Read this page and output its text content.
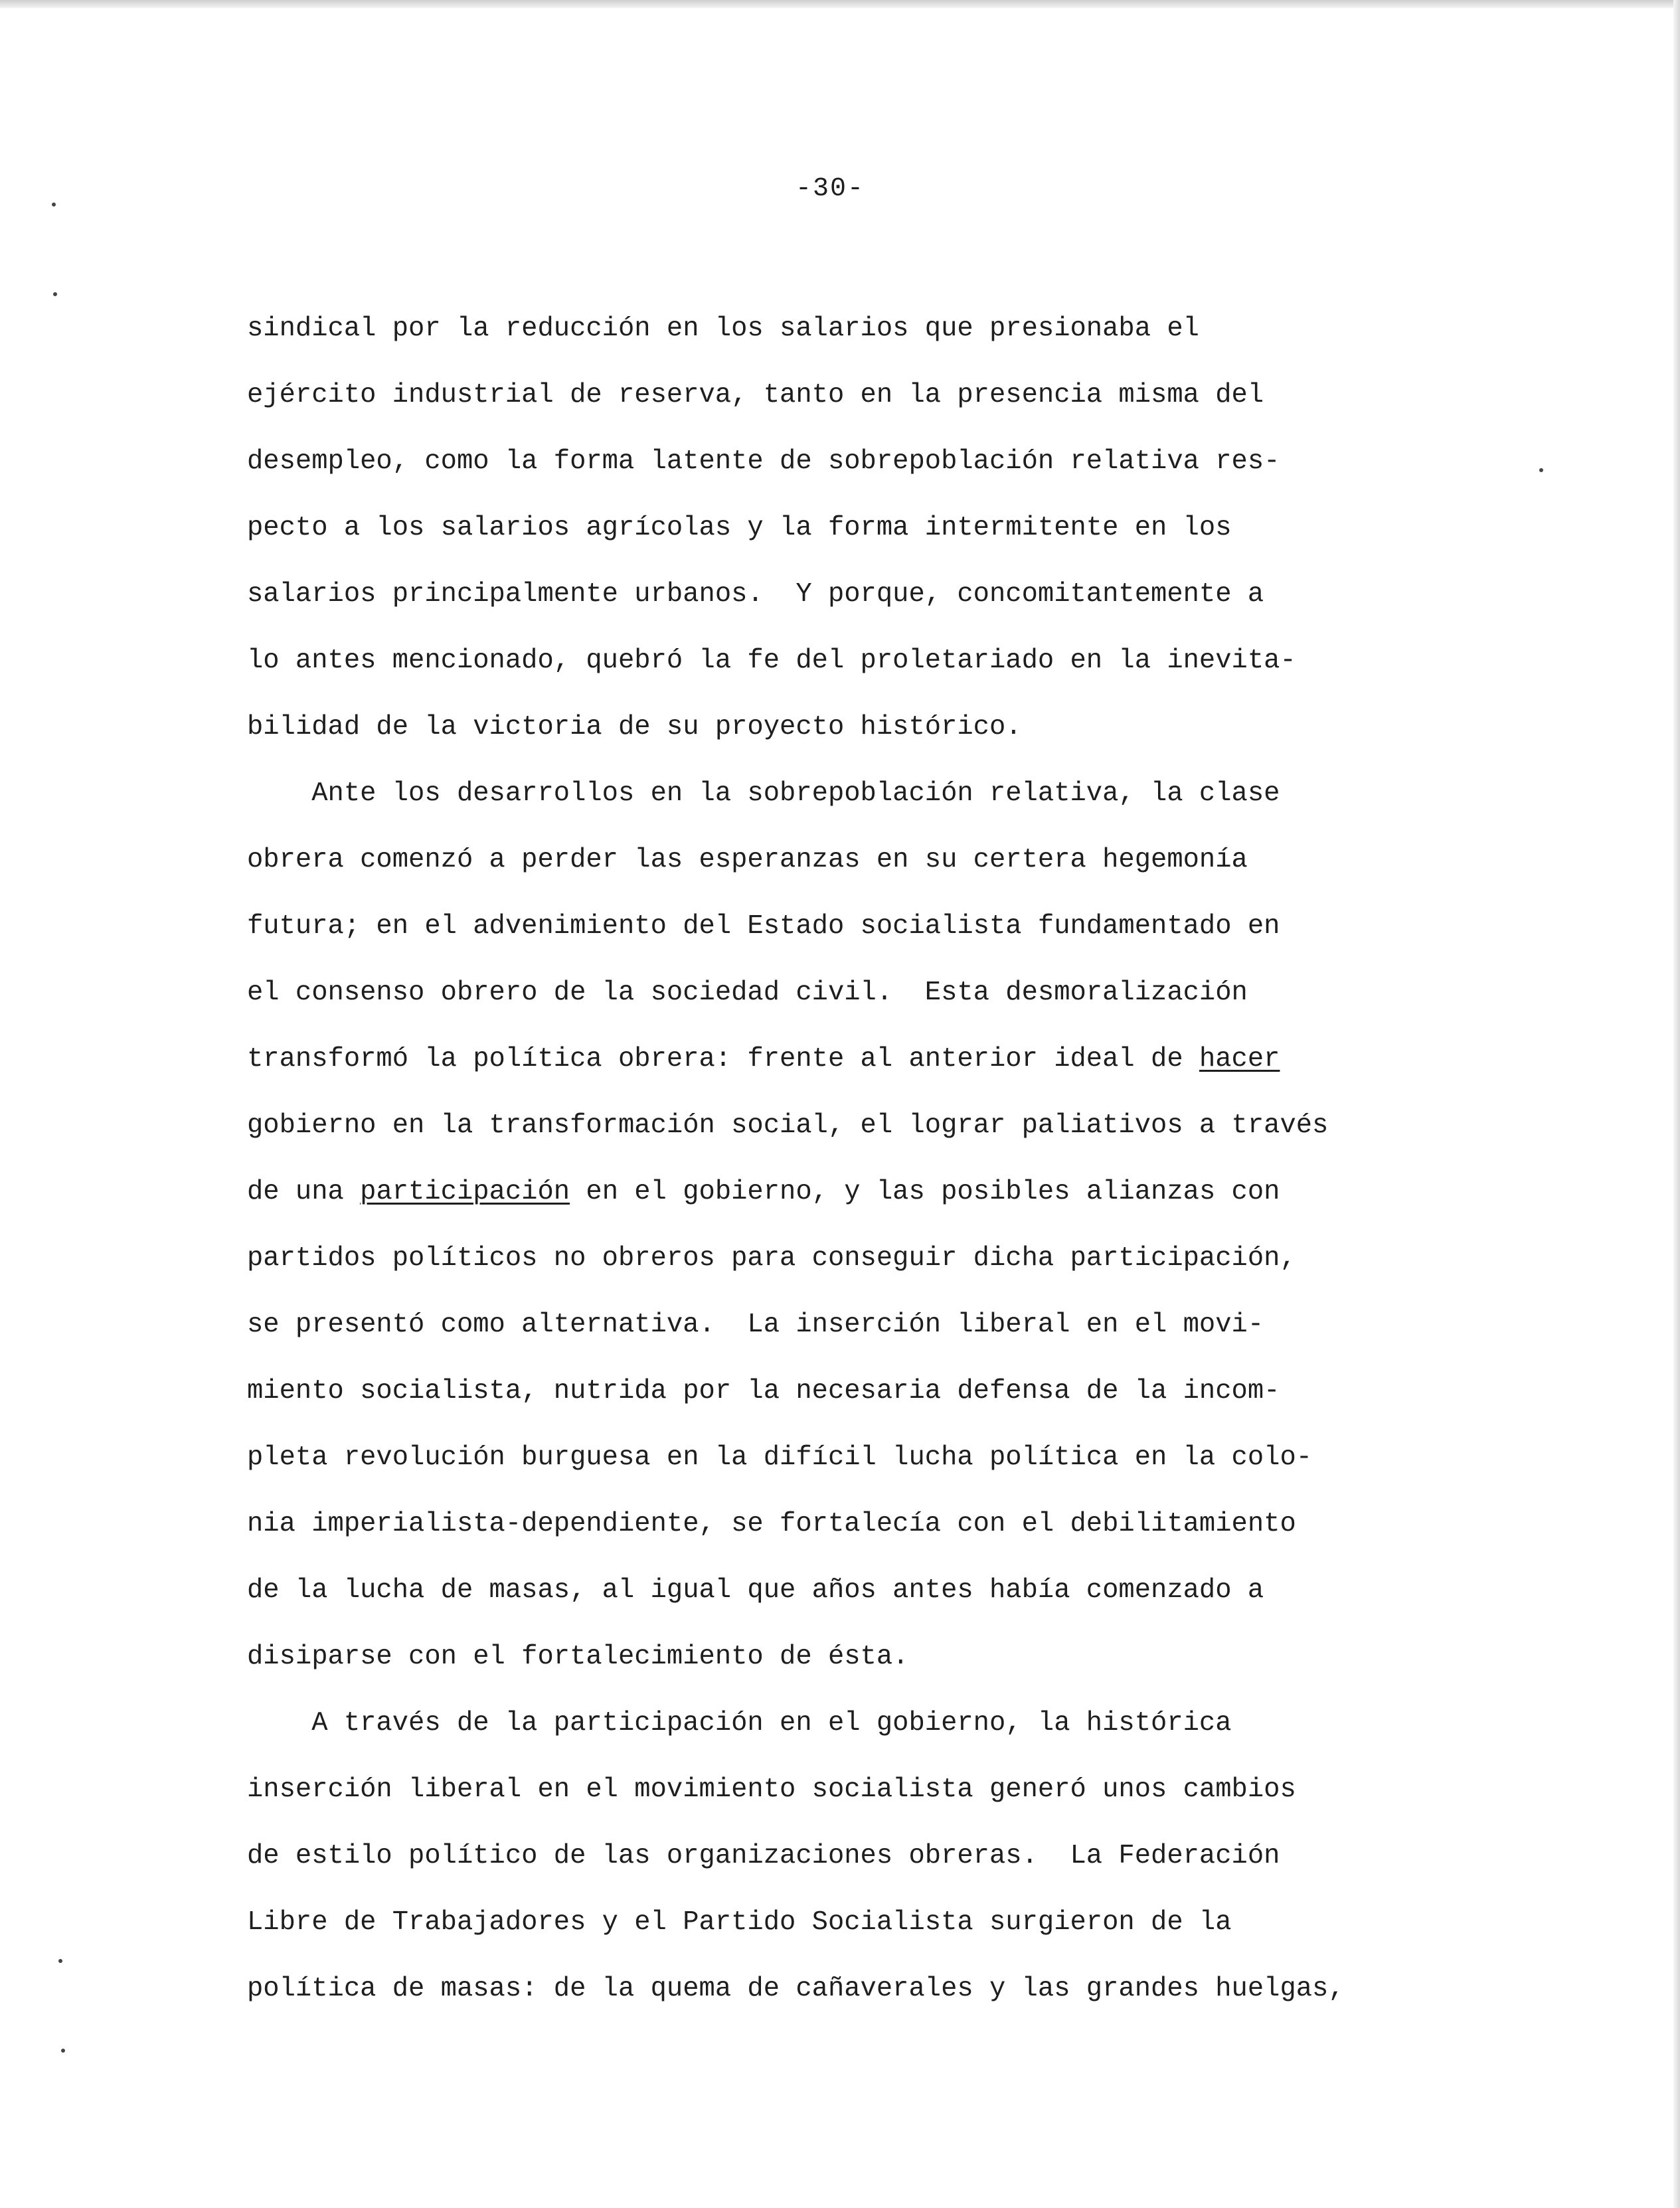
-30-
sindical por la reducción en los salarios que presionaba el
ejército industrial de reserva, tanto en la presencia misma del
desempleo, como la forma latente de sobrepoblación relativa res-
pecto a los salarios agrícolas y la forma intermitente en los
salarios principalmente urbanos.  Y porque, concomitantemente a
lo antes mencionado, quebró la fe del proletariado en la inevita-
bilidad de la victoria de su proyecto histórico.
Ante los desarrollos en la sobrepoblación relativa, la clase
obrera comenzó a perder las esperanzas en su certera hegemonía
futura; en el advenimiento del Estado socialista fundamentado en
el consenso obrero de la sociedad civil.  Esta desmoralización
transformó la política obrera: frente al anterior ideal de hacer
gobierno en la transformación social, el lograr paliativos a través
de una participación en el gobierno, y las posibles alianzas con
partidos políticos no obreros para conseguir dicha participación,
se presentó como alternativa.  La inserción liberal en el movi-
miento socialista, nutrida por la necesaria defensa de la incom-
pleta revolución burguesa en la difícil lucha política en la colo-
nia imperialista-dependiente, se fortalecía con el debilitamiento
de la lucha de masas, al igual que años antes había comenzado a
disiparse con el fortalecimiento de ésta.
A través de la participación en el gobierno, la histórica
inserción liberal en el movimiento socialista generó unos cambios
de estilo político de las organizaciones obreras.  La Federación
Libre de Trabajadores y el Partido Socialista surgieron de la
política de masas: de la quema de cañaverales y las grandes huelgas,
